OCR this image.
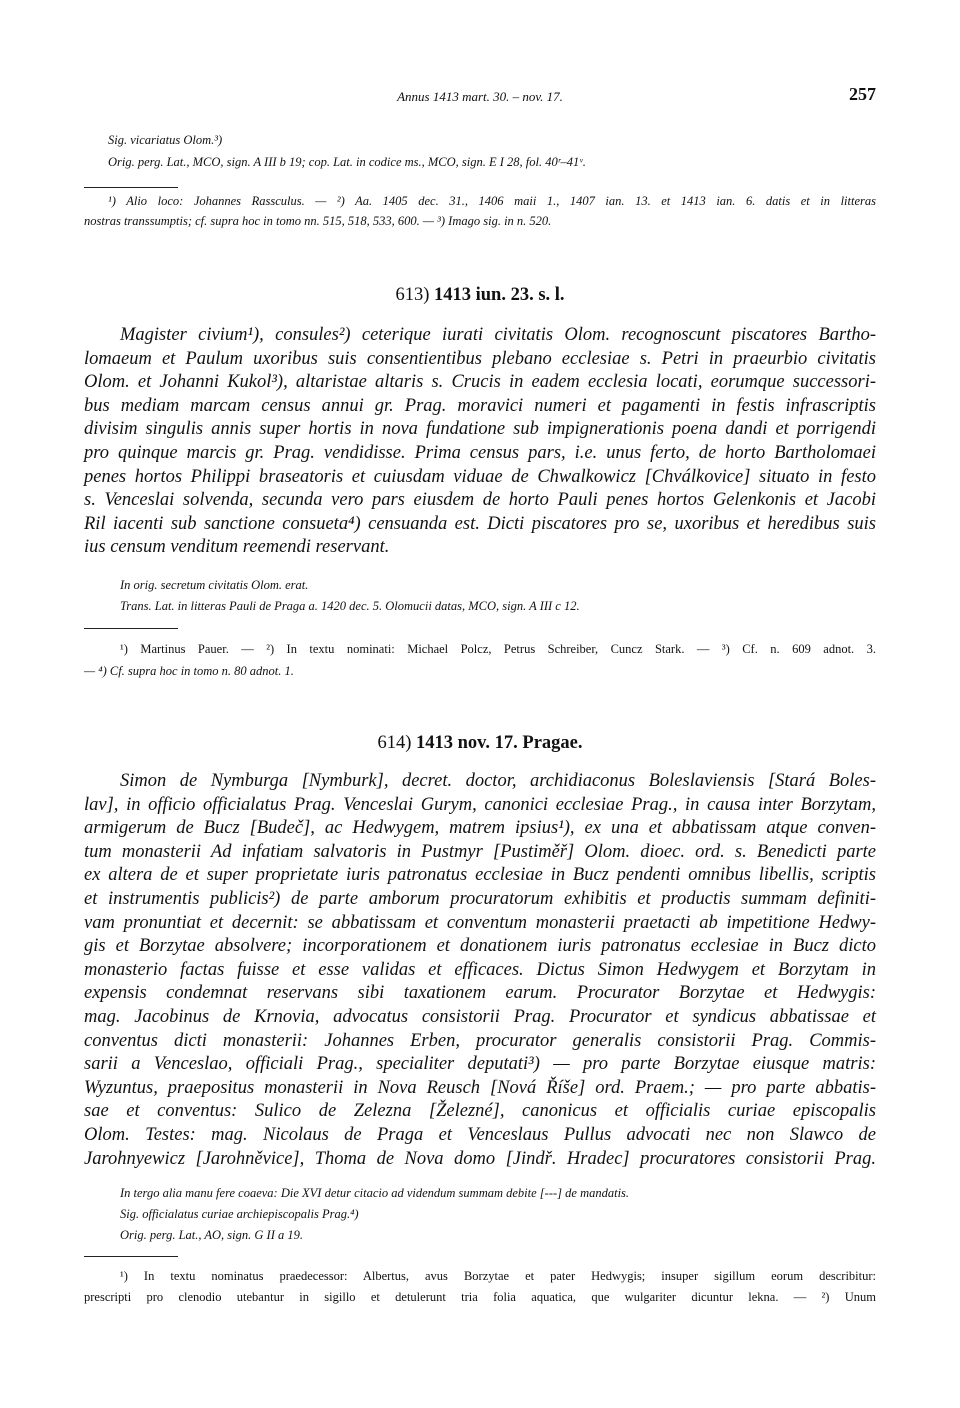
Annus 1413 mart. 30. – nov. 17.	257
Sig. vicariatus Olom.³)
Orig. perg. Lat., MCO, sign. A III b 19; cop. Lat. in codice ms., MCO, sign. E I 28, fol. 40ʳ–41ᵛ.
¹) Alio loco: Johannes Rassculus. — ²) Aa. 1405 dec. 31., 1406 maii 1., 1407 ian. 13. et 1413 ian. 6. datis et in litteras
nostras transsumptis; cf. supra hoc in tomo nn. 515, 518, 533, 600. — ³) Imago sig. in n. 520.
613) 1413 iun. 23. s. l.
Magister civium¹), consules²) ceterique iurati civitatis Olom. recognoscunt piscatores Bartho-
lomaeum et Paulum uxoribus suis consentientibus plebano ecclesiae s. Petri in praeurbio civitatis
Olom. et Johanni Kukol³), altaristae altaris s. Crucis in eadem ecclesia locati, eorumque successori-
bus mediam marcam census annui gr. Prag. moravici numeri et pagamenti in festis infrascriptis
divisim singulis annis super hortis in nova fundatione sub impignerationis poena dandi et porrigendi
pro quinque marcis gr. Prag. vendidisse. Prima census pars, i.e. unus ferto, de horto Bartholomaei
penes hortos Philippi braseatoris et cuiusdam viduae de Chwalkowicz [Chválkovice] situato in festo
s. Venceslai solvenda, secunda vero pars eiusdem de horto Pauli penes hortos Gelenkonis et Jacobi
Ril iacenti sub sanctione consueta⁴) censuanda est. Dicti piscatores pro se, uxoribus et heredibus suis
ius censum venditum reemendi reservant.
In orig. secretum civitatis Olom. erat.
Trans. Lat. in litteras Pauli de Praga a. 1420 dec. 5. Olomucii datas, MCO, sign. A III c 12.
¹) Martinus Pauer. — ²) In textu nominati: Michael Polcz, Petrus Schreiber, Cuncz Stark. — ³) Cf. n. 609 adnot. 3.
— ⁴) Cf. supra hoc in tomo n. 80 adnot. 1.
614) 1413 nov. 17. Pragae.
Simon de Nymburga [Nymburk], decret. doctor, archidiaconus Boleslaviensis [Stará Boles-
lav], in officio officialatus Prag. Venceslai Gurym, canonici ecclesiae Prag., in causa inter Borzytam,
armigerum de Bucz [Budeč], ac Hedwygem, matrem ipsius¹), ex una et abbatissam atque conven-
tum monasterii Ad infatiam salvatoris in Pustmyr [Pustiměř] Olom. dioec. ord. s. Benedicti parte
ex altera de et super proprietate iuris patronatus ecclesiae in Bucz pendenti omnibus libellis, scriptis
et instrumentis publicis²) de parte amborum procuratorum exhibitis et productis summam definiti-
vam pronuntiat et decernit: se abbatissam et conventum monasterii praetacti ab impetitione Hedwy-
gis et Borzytae absolvere; incorporationem et donationem iuris patronatus ecclesiae in Bucz dicto
monasterio factas fuisse et esse validas et efficaces. Dictus Simon Hedwygem et Borzytam in
expensis condemnat reservans sibi taxationem earum. Procurator Borzytae et Hedwygis:
mag. Jacobinus de Krnovia, advocatus consistorii Prag. Procurator et syndicus abbatissae et
conventus dicti monasterii: Johannes Erben, procurator generalis consistorii Prag. Commis-
sarii a Venceslao, officiali Prag., specialiter deputati³) — pro parte Borzytae eiusque matris:
Wyzuntus, praepositus monasterii in Nova Reusch [Nová Říše] ord. Praem.; — pro parte abbatis-
sae et conventus: Sulico de Zelezna [Železné], canonicus et officialis curiae episcopalis
Olom. Testes: mag. Nicolaus de Praga et Venceslaus Pullus advocati nec non Slawco de
Jarohnyewicz [Jarohněvice], Thoma de Nova domo [Jindř. Hradec] procuratores consistorii Prag.
In tergo alia manu fere coaeva: Die XVI detur citacio ad videndum summam debite [---] de mandatis.
Sig. officialatus curiae archiepiscopalis Prag.⁴)
Orig. perg. Lat., AO, sign. G II a 19.
¹) In textu nominatus praedecessor: Albertus, avus Borzytae et pater Hedwygis; insuper sigillum eorum describitur:
prescripti pro clenodio utebantur in sigillo et detulerunt tria folia aquatica, que wulgariter dicuntur lekna. — ²) Unum
